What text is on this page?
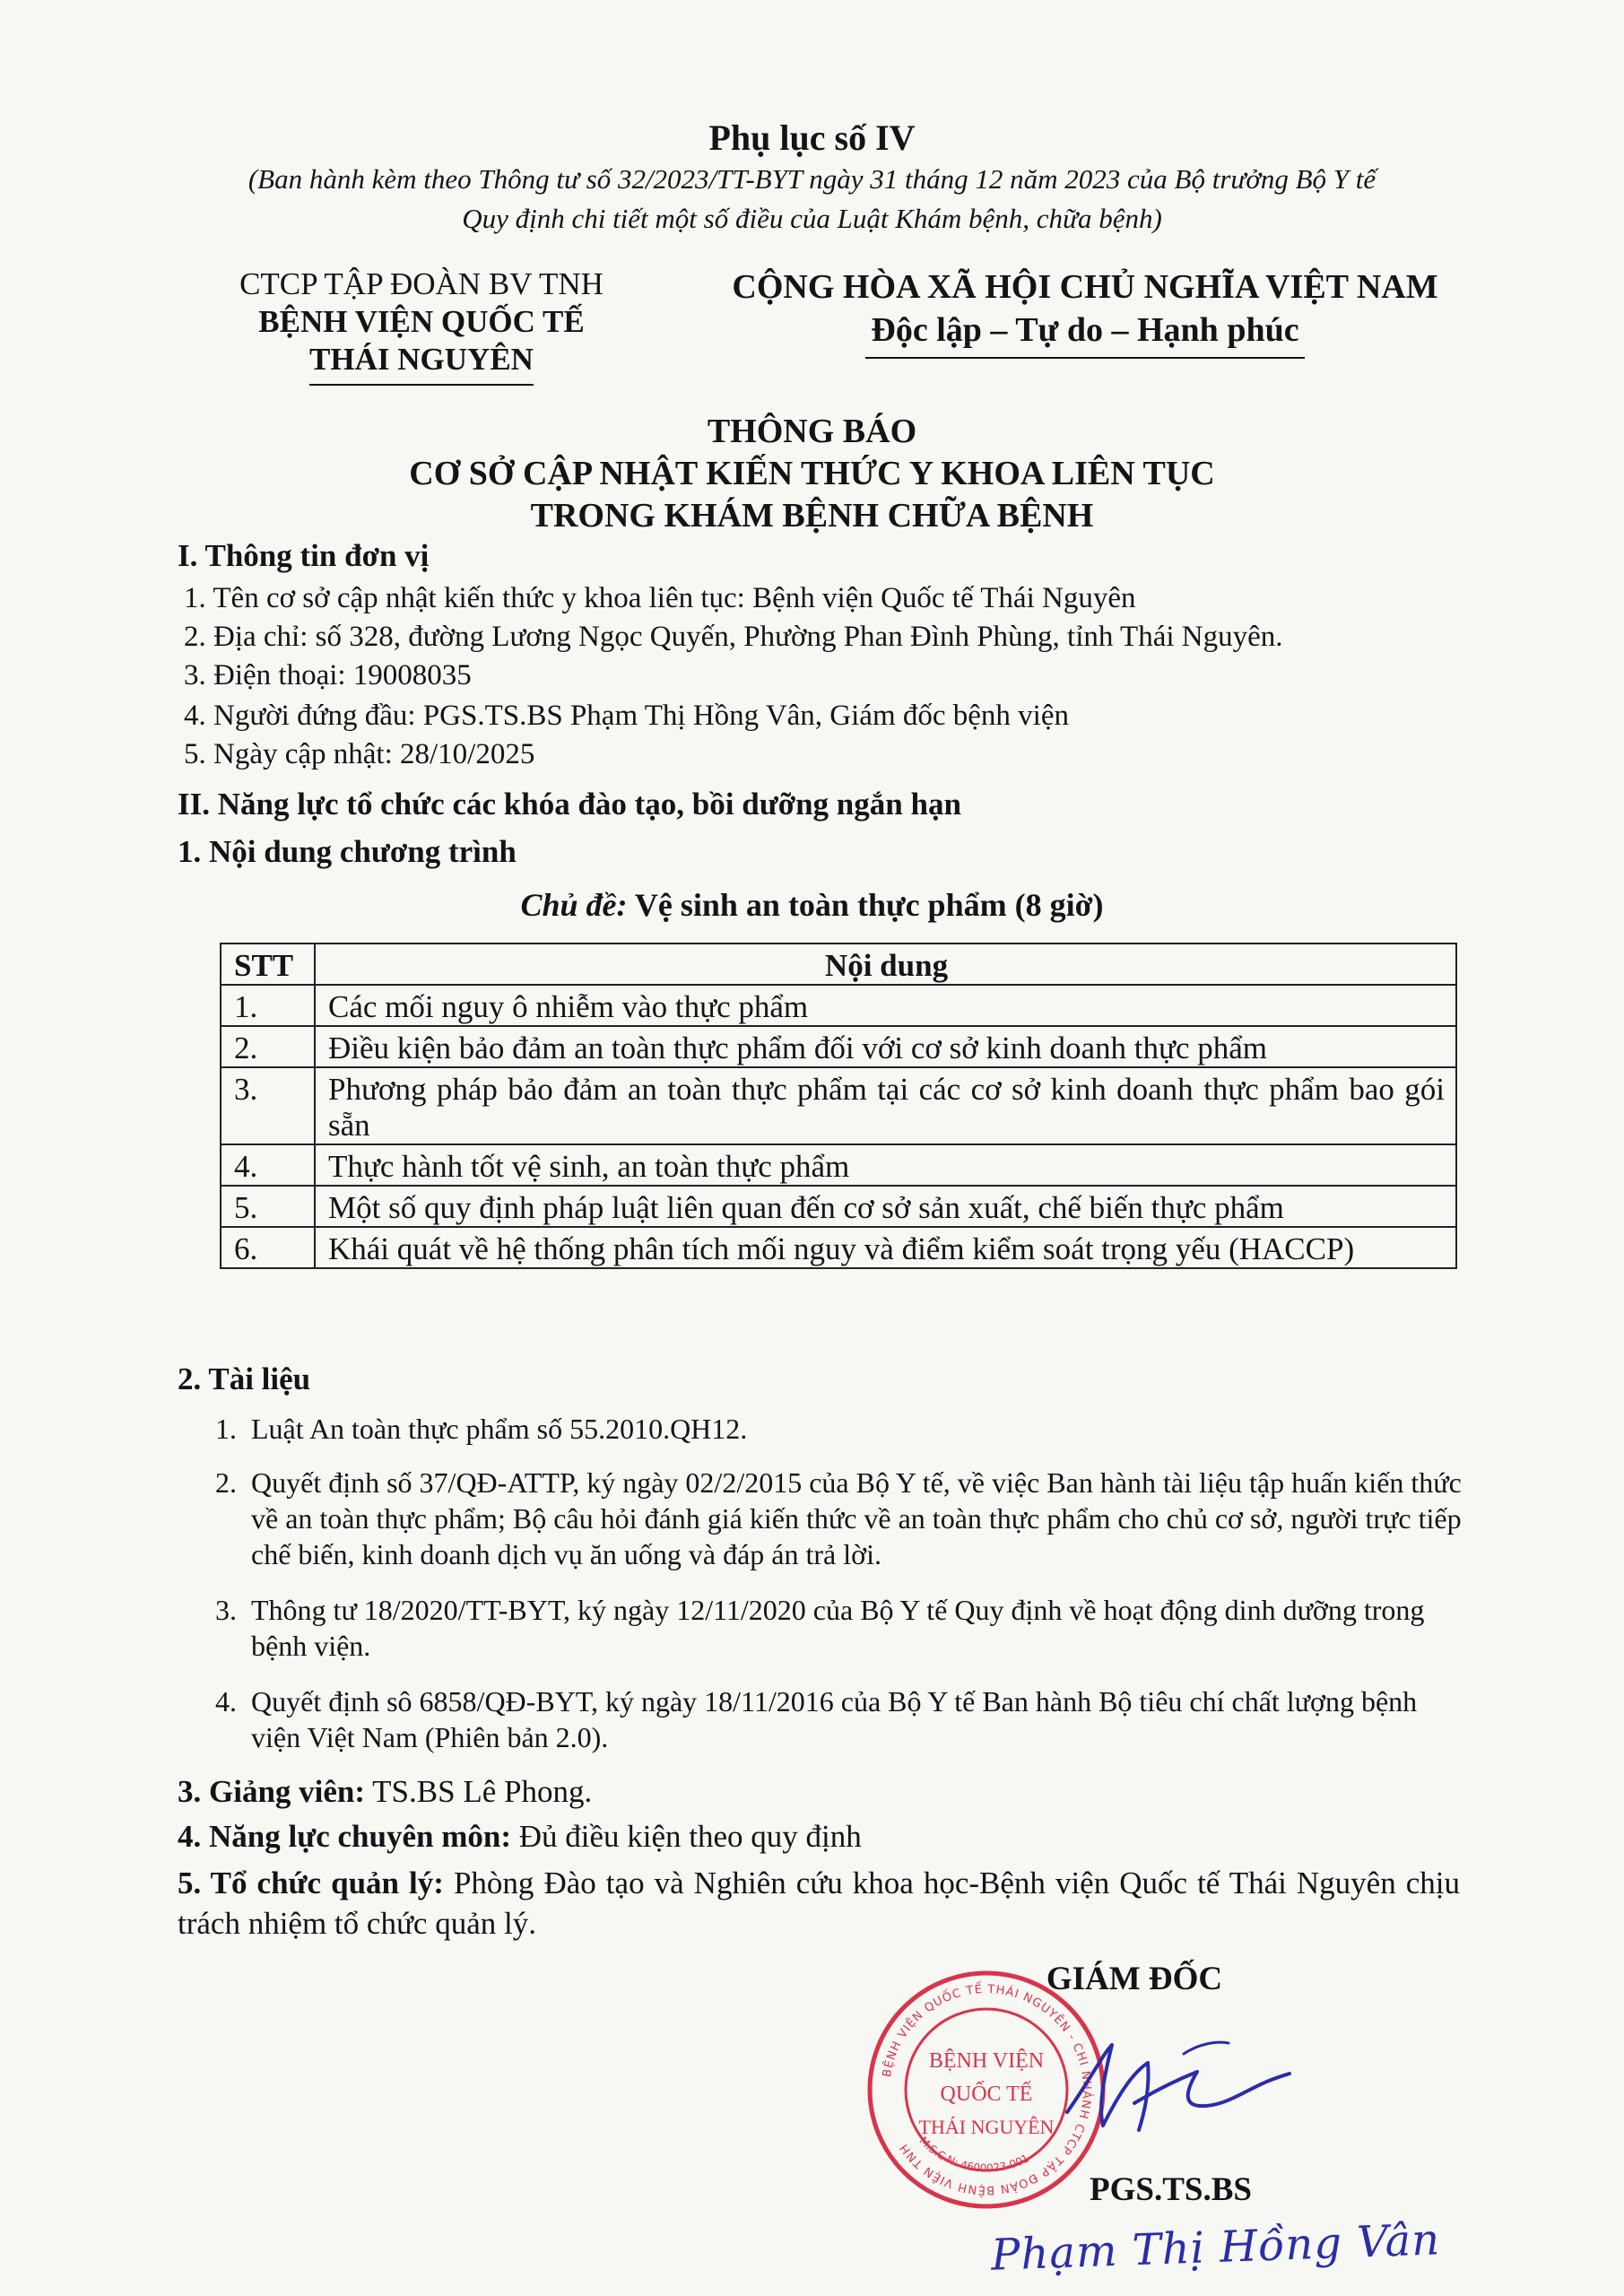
Phụ lục số IV
(Ban hành kèm theo Thông tư số 32/2023/TT-BYT ngày 31 tháng 12 năm 2023 của Bộ trưởng Bộ Y tế
Quy định chi tiết một số điều của Luật Khám bệnh, chữa bệnh)
CTCP TẬP ĐOÀN BV TNH
BỆNH VIỆN QUỐC TẾ
THÁI NGUYÊN
CỘNG HÒA XÃ HỘI CHỦ NGHĨA VIỆT NAM
Độc lập – Tự do – Hạnh phúc
THÔNG BÁO
CƠ SỞ CẬP NHẬT KIẾN THỨC Y KHOA LIÊN TỤC
TRONG KHÁM BỆNH CHỮA BỆNH
I. Thông tin đơn vị
1. Tên cơ sở cập nhật kiến thức y khoa liên tục: Bệnh viện Quốc tế Thái Nguyên
2. Địa chỉ: số 328, đường Lương Ngọc Quyến, Phường Phan Đình Phùng, tỉnh Thái Nguyên.
3. Điện thoại: 19008035
4. Người đứng đầu: PGS.TS.BS Phạm Thị Hồng Vân, Giám đốc bệnh viện
5. Ngày cập nhật: 28/10/2025
II. Năng lực tổ chức các khóa đào tạo, bồi dưỡng ngắn hạn
1. Nội dung chương trình
Chủ đề: Vệ sinh an toàn thực phẩm (8 giờ)
STT	Nội dung
1.	Các mối nguy ô nhiễm vào thực phẩm
2.	Điều kiện bảo đảm an toàn thực phẩm đối với cơ sở kinh doanh thực phẩm
3.	Phương pháp bảo đảm an toàn thực phẩm tại các cơ sở kinh doanh thực phẩm bao gói sẵn
4.	Thực hành tốt vệ sinh, an toàn thực phẩm
5.	Một số quy định pháp luật liên quan đến cơ sở sản xuất, chế biến thực phẩm
6.	Khái quát về hệ thống phân tích mối nguy và điểm kiểm soát trọng yếu (HACCP)
2. Tài liệu
1. Luật An toàn thực phẩm số 55.2010.QH12.
2. Quyết định số 37/QĐ-ATTP, ký ngày 02/2/2015 của Bộ Y tế, về việc Ban hành tài liệu tập huấn kiến thức về an toàn thực phẩm; Bộ câu hỏi đánh giá kiến thức về an toàn thực phẩm cho chủ cơ sở, người trực tiếp chế biến, kinh doanh dịch vụ ăn uống và đáp án trả lời.
3. Thông tư 18/2020/TT-BYT, ký ngày 12/11/2020 của Bộ Y tế Quy định về hoạt động dinh dưỡng trong bệnh viện.
4. Quyết định sô 6858/QĐ-BYT, ký ngày 18/11/2016 của Bộ Y tế Ban hành Bộ tiêu chí chất lượng bệnh viện Việt Nam (Phiên bản 2.0).
3. Giảng viên: TS.BS Lê Phong.
4. Năng lực chuyên môn: Đủ điều kiện theo quy định
5. Tổ chức quản lý: Phòng Đào tạo và Nghiên cứu khoa học-Bệnh viện Quốc tế Thái Nguyên chịu trách nhiệm tổ chức quản lý.
GIÁM ĐỐC
BỆNH VIỆN QUỐC TẾ THÁI NGUYÊN - CHI NHÁNH CTCP TẬP ĐOÀN BỆNH VIỆN TNH M.S.C.N: 4600023-001
BỆNH VIỆN
QUỐC TẾ
THÁI NGUYÊN
PGS.TS.BS
Phạm Thị Hồng Vân
